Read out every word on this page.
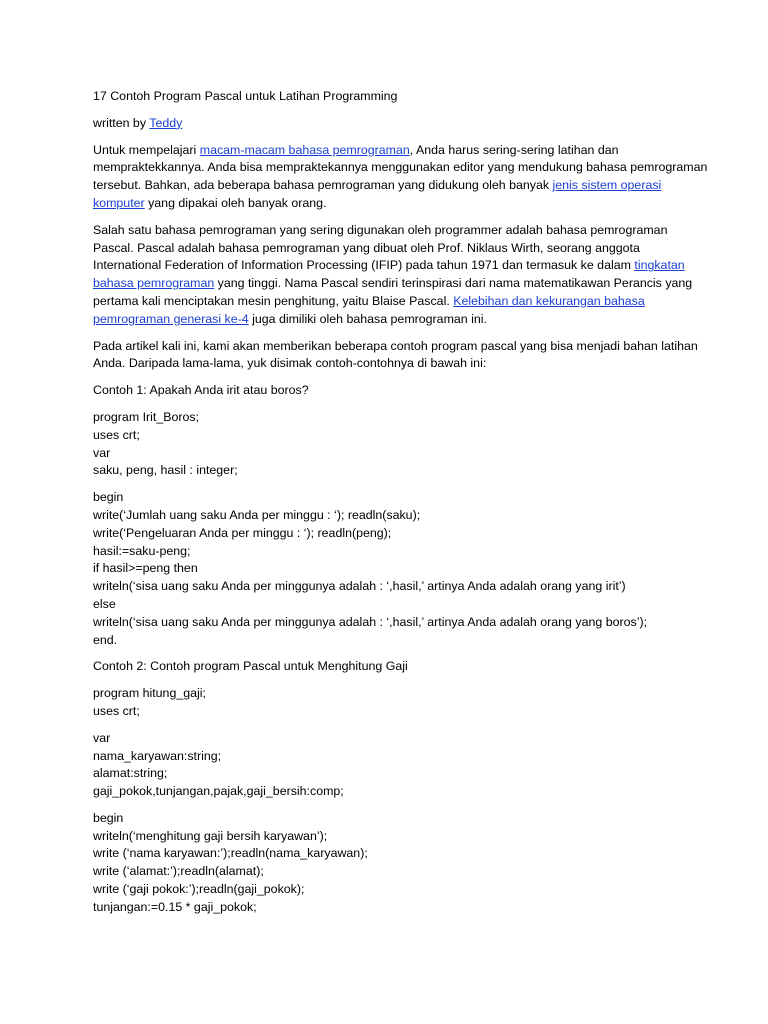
17 Contoh Program Pascal untuk Latihan Programming

written by Teddy

Untuk mempelajari macam-macam bahasa pemrograman, Anda harus sering-sering latihan dan mempraktekkannya. Anda bisa mempraktekannya menggunakan editor yang mendukung bahasa pemrograman tersebut. Bahkan, ada beberapa bahasa pemrograman yang didukung oleh banyak jenis sistem operasi komputer yang dipakai oleh banyak orang.

Salah satu bahasa pemrograman yang sering digunakan oleh programmer adalah bahasa pemrograman Pascal. Pascal adalah bahasa pemrograman yang dibuat oleh Prof. Niklaus Wirth, seorang anggota International Federation of Information Processing (IFIP) pada tahun 1971 dan termasuk ke dalam tingkatan bahasa pemrograman yang tinggi. Nama Pascal sendiri terinspirasi dari nama matematikawan Perancis yang pertama kali menciptakan mesin penghitung, yaitu Blaise Pascal. Kelebihan dan kekurangan bahasa pemrograman generasi ke-4 juga dimiliki oleh bahasa pemrograman ini.

Pada artikel kali ini, kami akan memberikan beberapa contoh program pascal yang bisa menjadi bahan latihan Anda. Daripada lama-lama, yuk disimak contoh-contohnya di bawah ini:

Contoh 1: Apakah Anda irit atau boros?

program Irit_Boros;
uses crt;
var
saku, peng, hasil : integer;
begin
write(‘Jumlah uang saku Anda per minggu : ‘); readln(saku);
write(‘Pengeluaran Anda per minggu : ‘); readln(peng);
hasil:=saku-peng;
if hasil>=peng then
writeln(‘sisa uang saku Anda per minggunya adalah : ‘,hasil,’ artinya Anda adalah orang yang irit’)
else
writeln(‘sisa uang saku Anda per minggunya adalah : ‘,hasil,’ artinya Anda adalah orang yang boros’);
end.

Contoh 2: Contoh program Pascal untuk Menghitung Gaji

program hitung_gaji;
uses crt;
var
nama_karyawan:string;
alamat:string;
gaji_pokok,tunjangan,pajak,gaji_bersih:comp;
begin
writeln(‘menghitung gaji bersih karyawan’);
write (‘nama karyawan:’);readln(nama_karyawan);
write (‘alamat:’);readln(alamat);
write (‘gaji pokok:’);readln(gaji_pokok);
tunjangan:=0.15 * gaji_pokok;
